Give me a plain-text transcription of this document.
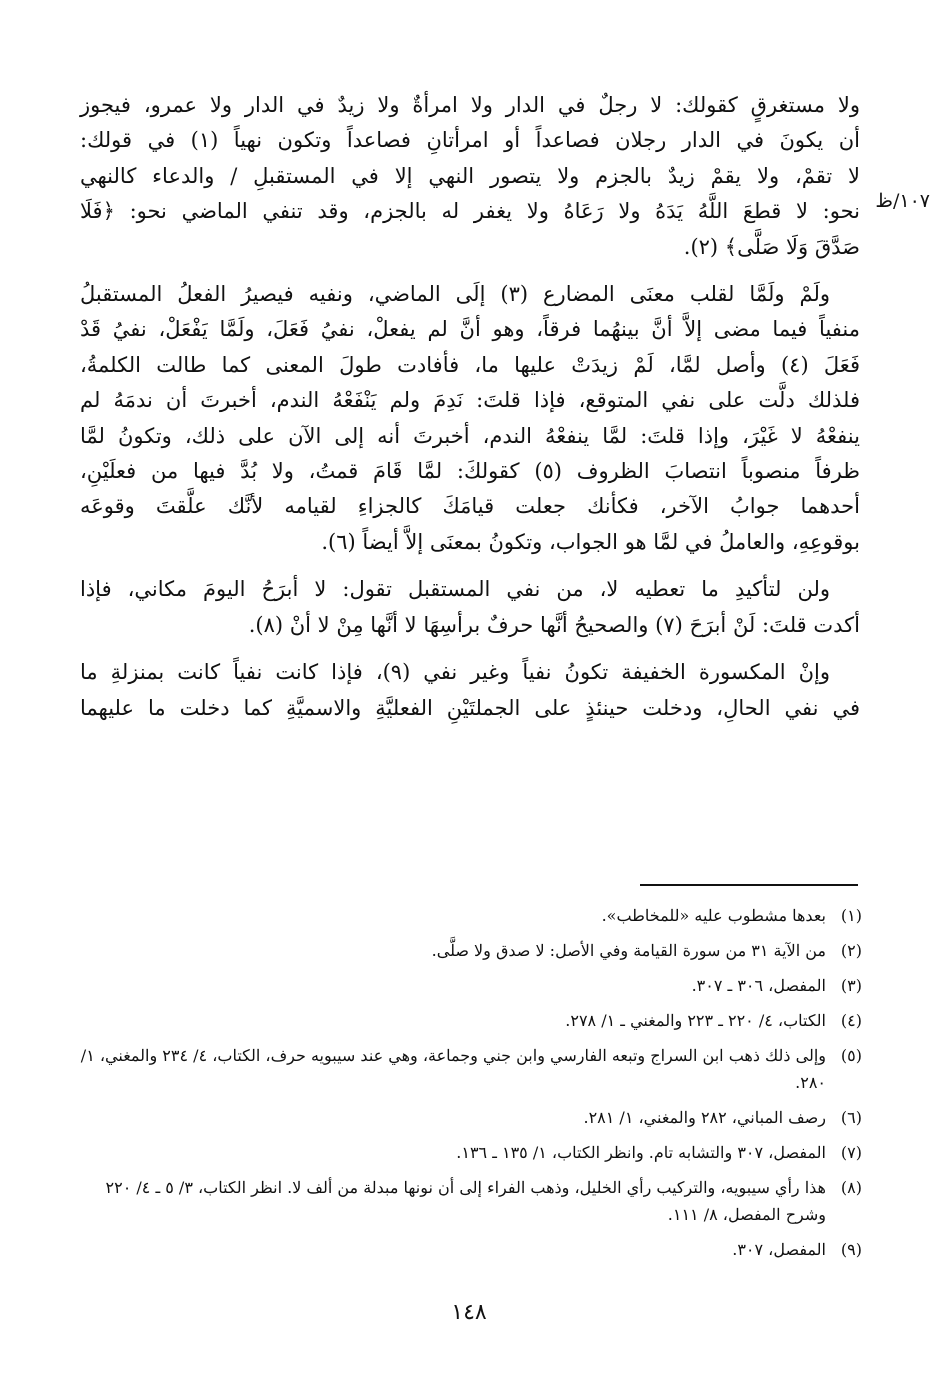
١٠٧/ظ

ولا مستغرقٍ كقولك: لا رجلٌ في الدار ولا امرأةٌ ولا زيدٌ في الدار ولا عمرو، فيجوز
أن يكونَ في الدار رجلان فصاعداً أو امرأتانِ فصاعداً وتكون نهياً (١) في قولك:
لا تقمْ، ولا يقمْ زيدٌ بالجزم ولا يتصور النهي إلا في المستقبلِ / والدعاء كالنهي
نحو: لا قطعَ اللَّهُ يَدَهُ ولا رَعَاهُ ولا يغفر له بالجزم، وقد تنفي الماضي نحو: ﴿فَلَا
صَدَّقَ وَلَا صَلَّى﴾ (٢).

ولَمْ ولَمَّا لقلب معنَى المضارع (٣) إلَى الماضي، ونفيه فيصيرُ الفعلُ المستقبلُ
منفياً فيما مضى إلاَّ أنَّ بينهُما فرقاً، وهو أنَّ لم يفعلْ، نفيُ فَعَلَ، ولَمَّا يَفْعَلْ، نفيُ قَدْ
فَعَلَ (٤) وأصل لمَّا، لَمْ زيدَتْ عليها ما، فأفادت طولَ المعنى كما طالت الكلمةُ،
فلذلك دلَّت على نفي المتوقع، فإذا قلتَ: نَدِمَ ولم يَنْفَعْهُ الندم، أخبرتَ أن ندمَهُ لم
ينفعْهُ لا غَيْرَ، وإذا قلتَ: لمَّا ينفعْهُ الندم، أخبرتَ أنه إلى الآن على ذلك، وتكونُ لمَّا
ظرفاً منصوباً انتصابَ الظروف (٥) كقولكَ: لمَّا قَامَ قمتُ، ولا بُدَّ فيها من فعلَيْنِ،
أحدهما جوابُ الآخر، فكأنك جعلت قيامَكَ كالجزاءِ لقيامه لأنَّك علَّقتَ وقوعَه
بوقوعِهِ، والعاملُ في لمَّا هو الجواب، وتكونُ بمعنَى إلاَّ أيضاً (٦).

ولن لتأكيدِ ما تعطيه لا، من نفي المستقبل تقول: لا أبرَحُ اليومَ مكاني، فإذا
أكدت قلتَ: لَنْ أبرَحَ (٧) والصحيحُ أنَّها حرفٌ برأسِهَا لا أنَّها مِنْ لا أنْ (٨).

وإنْ المكسورة الخفيفة تكونُ نفياً وغير نفي (٩)، فإذا كانت نفياً كانت بمنزلةِ ما
في نفي الحالِ، ودخلت حينئذٍ على الجملتَيْنِ الفعليَّةِ والاسميَّةِ كما دخلت ما عليهما

(١)
بعدها مشطوب عليه «للمخاطب».
(٢)
من الآية ٣١ من سورة القيامة وفي الأصل: لا صدق ولا صلَّى.
(٣)
المفصل، ٣٠٦ ـ ٣٠٧.
(٤)
الكتاب، ٤/ ٢٢٠ ـ ٢٢٣ والمغني ـ ١/ ٢٧٨.
(٥)
وإلى ذلك ذهب ابن السراج وتبعه الفارسي وابن جني وجماعة، وهي عند سيبويه حرف، الكتاب، ٤/ ٢٣٤ والمغني، ١/ ٢٨٠.
(٦)
رصف المباني، ٢٨٢ والمغني، ١/ ٢٨١.
(٧)
المفصل، ٣٠٧ والتشابه تام. وانظر الكتاب، ١/ ١٣٥ ـ ١٣٦.
(٨)
هذا رأي سيبويه، والتركيب رأي الخليل، وذهب الفراء إلى أن نونها مبدلة من ألف لا. انظر الكتاب، ٣/ ٥ ـ ٤/ ٢٢٠ وشرح المفصل، ٨/ ١١١.
(٩)
المفصل، ٣٠٧.
١٤٨
